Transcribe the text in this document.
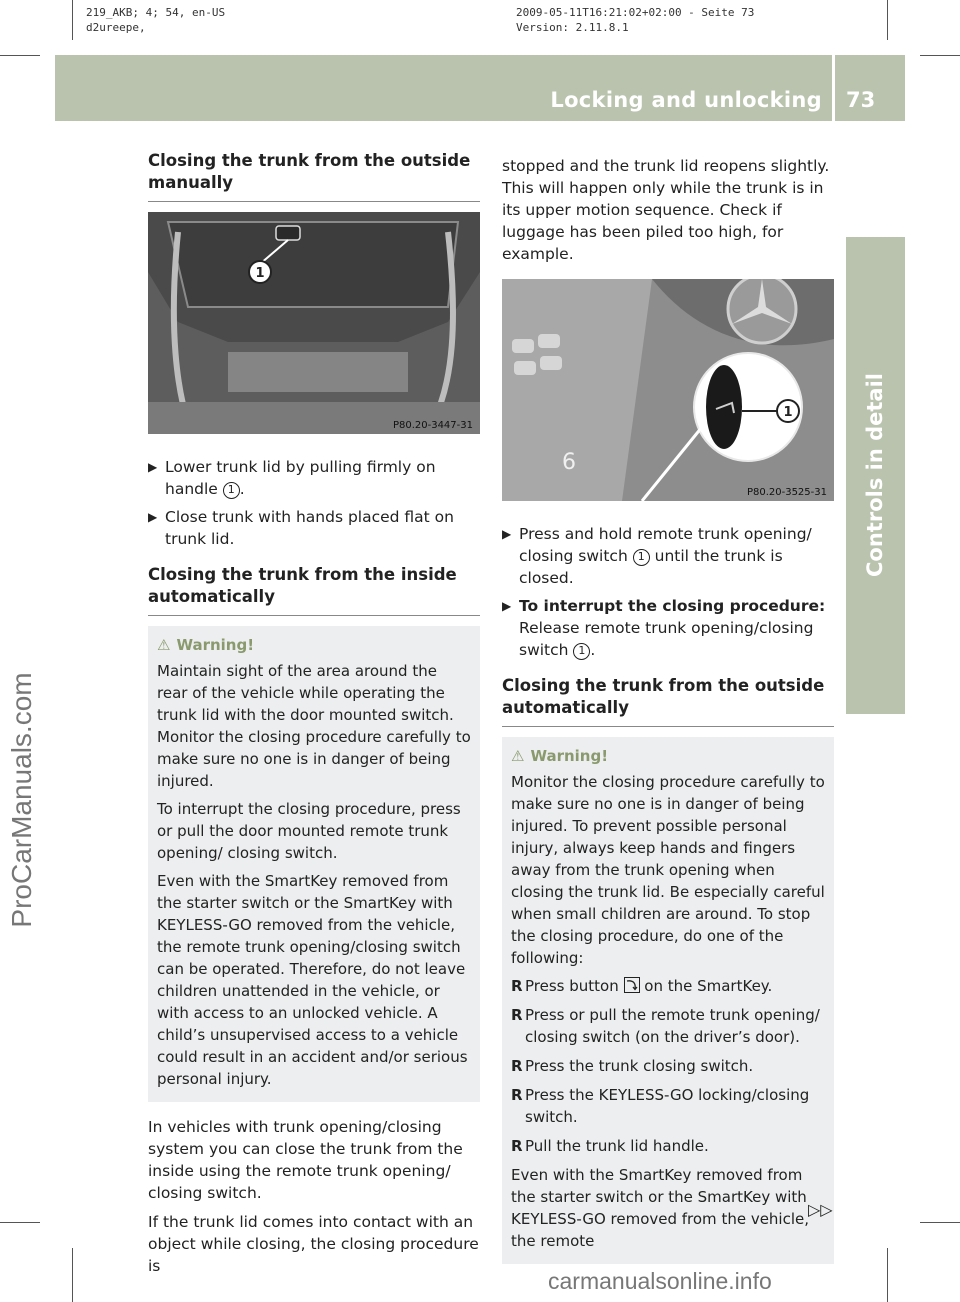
219_AKB; 4; 54, en-US
d2ureepe,
2009-05-11T16:21:02+02:00 - Seite 73
Version: 2.11.8.1
Locking and unlocking 73
Controls in detail
ProCarManuals.com
carmanualsonline.info
Closing the trunk from the outside manually
1
P80.20-3447-31
▶ Lower trunk lid by pulling firmly on handle 1 .
▶ Close trunk with hands placed flat on trunk lid.
Closing the trunk from the inside automatically
⚠ Warning!

Maintain sight of the area around the rear of the vehicle while operating the trunk lid with the door mounted switch. Monitor the closing procedure carefully to make sure no one is in danger of being injured.

To interrupt the closing procedure, press or pull the door mounted remote trunk opening/ closing switch.

Even with the SmartKey removed from the starter switch or the SmartKey with KEYLESS-GO removed from the vehicle, the remote trunk opening/closing switch can be operated. Therefore, do not leave children unattended in the vehicle, or with access to an unlocked vehicle. A child’s unsupervised access to a vehicle could result in an accident and/or serious personal injury.

In vehicles with trunk opening/closing system you can close the trunk from the inside using the remote trunk opening/ closing switch.
If the trunk lid comes into contact with an object while closing, the closing procedure is
stopped and the trunk lid reopens slightly. This will happen only while the trunk is in its upper motion sequence. Check if luggage has been piled too high, for example.
1
6
P80.20-3525-31
▶ Press and hold remote trunk opening/ closing switch 1 until the trunk is closed.
▶ To interrupt the closing procedure:
Release remote trunk opening/closing switch 1 .
Closing the trunk from the outside automatically
⚠ Warning!

Monitor the closing procedure carefully to make sure no one is in danger of being injured. To prevent possible personal injury, always keep hands and fingers away from the trunk opening when closing the trunk lid. Be especially careful when small children are around. To stop the closing procedure, do one of the following:

R Press button  on the SmartKey.
R Press or pull the remote trunk opening/ closing switch (on the driver’s door).
R Press the trunk closing switch.
R Press the KEYLESS-GO locking/closing switch.
R Pull the trunk lid handle.

Even with the SmartKey removed from the starter switch or the SmartKey with KEYLESS-GO removed from the vehicle, the remote

▷▷
